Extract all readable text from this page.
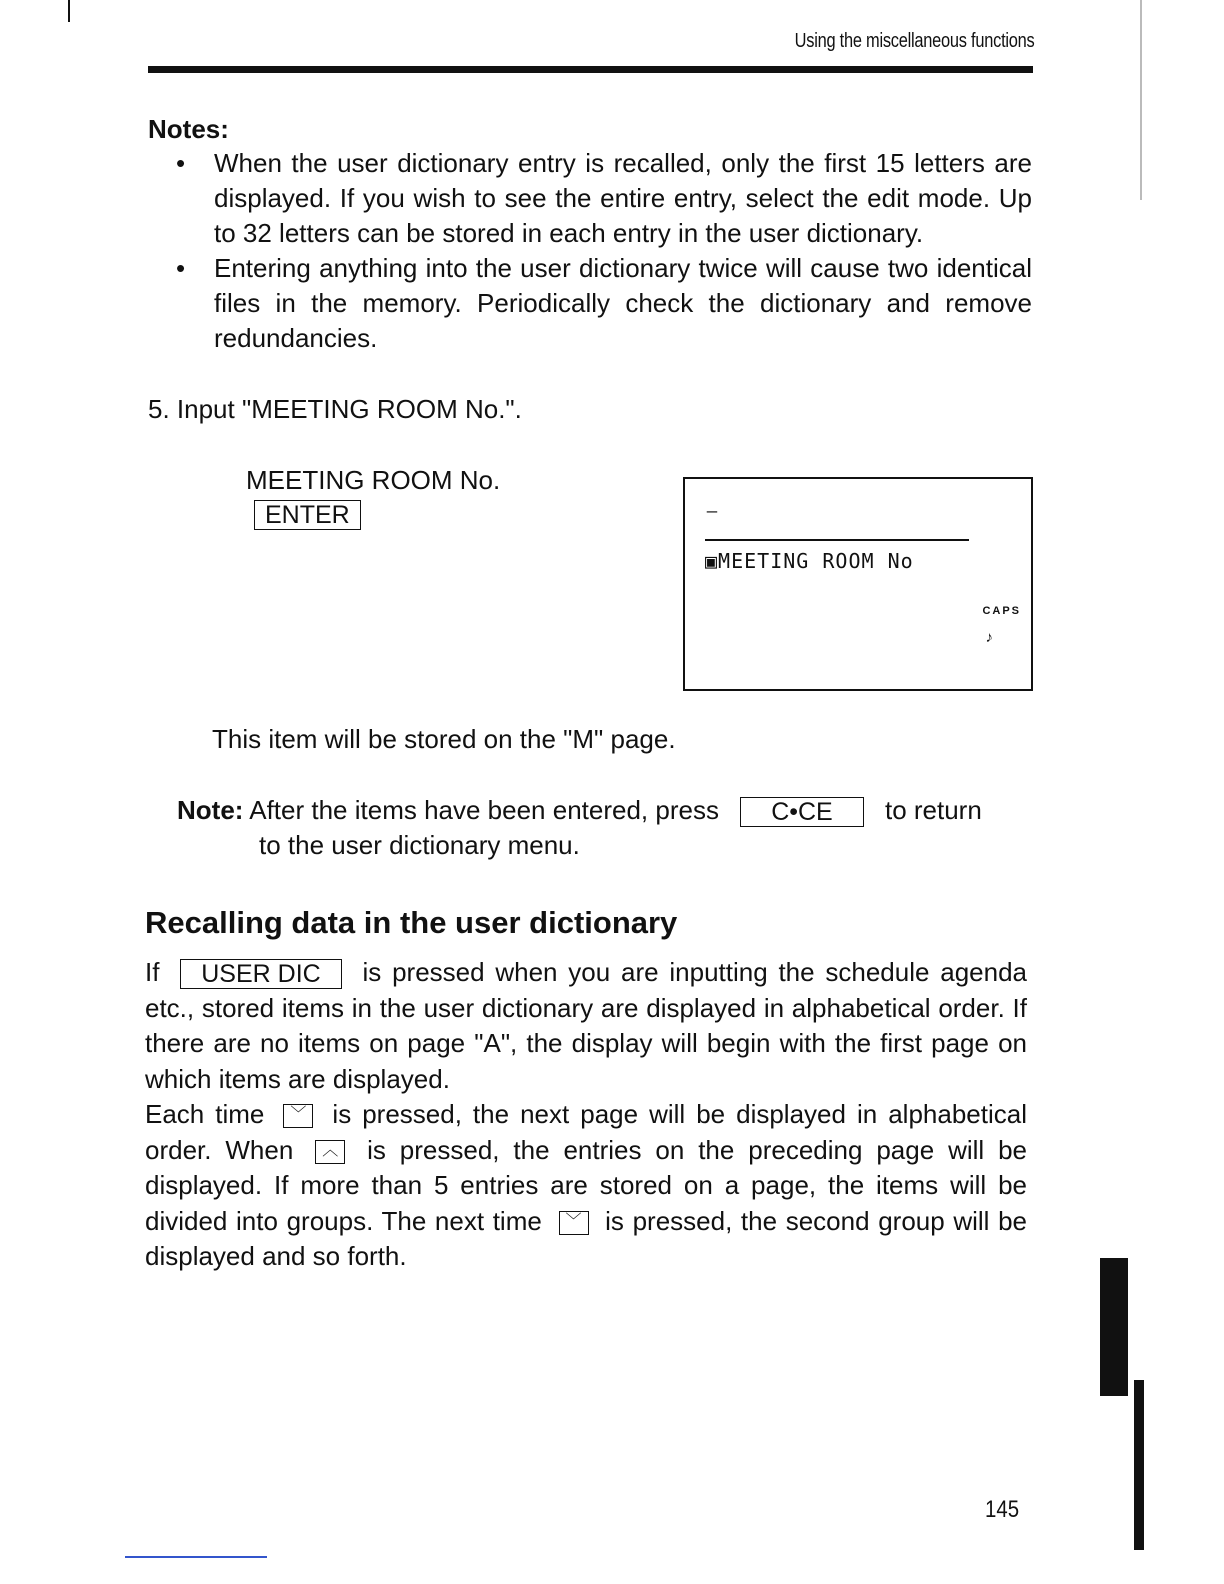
Using the miscellaneous functions
Notes:
• When the user dictionary entry is recalled, only the first 15 letters are displayed. If you wish to see the entire entry, select the edit mode. Up to 32 letters can be stored in each entry in the user dictionary.
• Entering anything into the user dictionary twice will cause two identical files in the memory. Periodically check the dictionary and remove redundancies.
5. Input "MEETING ROOM No.".
MEETING ROOM No.
ENTER	_
▣MEETING ROOM No
CAPS
♪
This item will be stored on the "M" page.
Note: After the items have been entered, press C•CE to return
to the user dictionary menu.
Recalling data in the user dictionary

If USER DIC is pressed when you are inputting the schedule agenda etc., stored items in the user dictionary are displayed in alphabetical order. If there are no items on page "A", the display will begin with the first page on which items are displayed.

Each time ﹀ is pressed, the next page will be displayed in alphabetical order. When ︿ is pressed, the entries on the preceding page will be displayed. If more than 5 entries are stored on a page, the items will be divided into groups. The next time ﹀ is pressed, the second group will be displayed and so forth.

145
